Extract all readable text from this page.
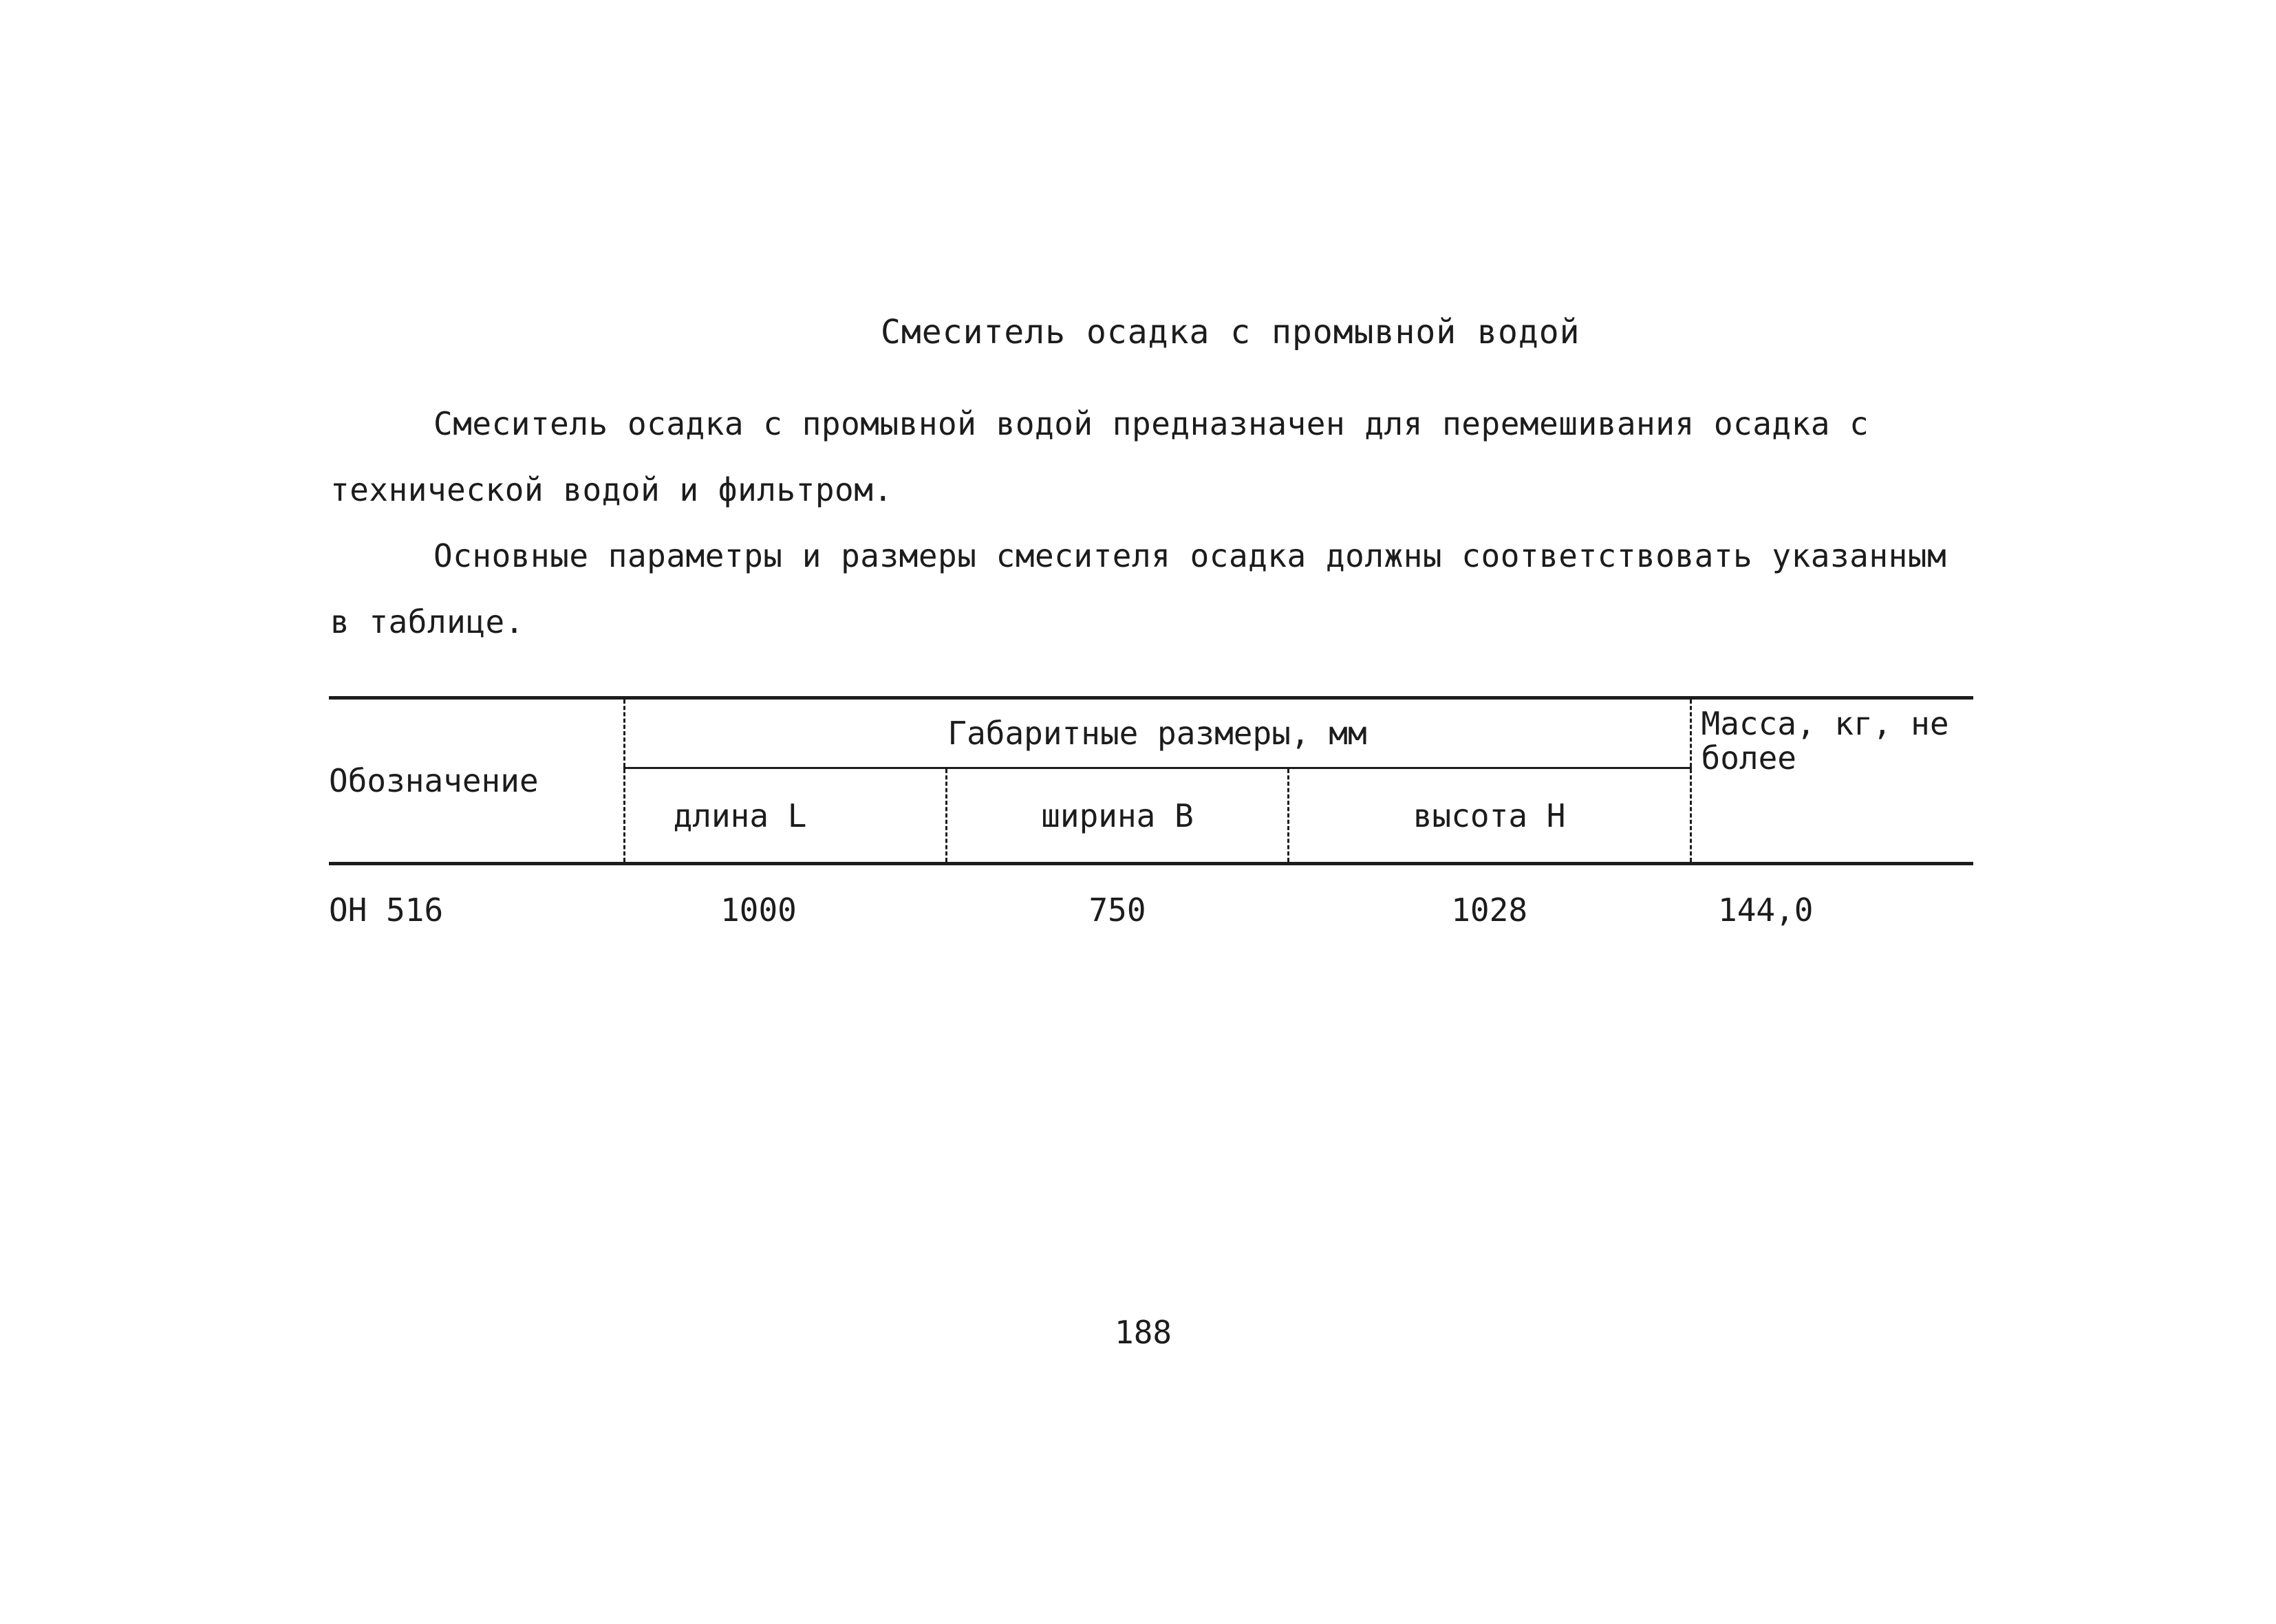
Смеситель осадка с промывной водой
Смеситель осадка с промывной водой предназначен для перемешивания осадка с технической водой и фильтром.
Основные параметры и размеры смесителя осадка должны соответствовать указанным в таблице.
Обозначение	Габаритные размеры, мм			Масса, кг, не более
	длина L	ширина В	высота Н	
ОН 516	1000	750	1028	144,0
188
